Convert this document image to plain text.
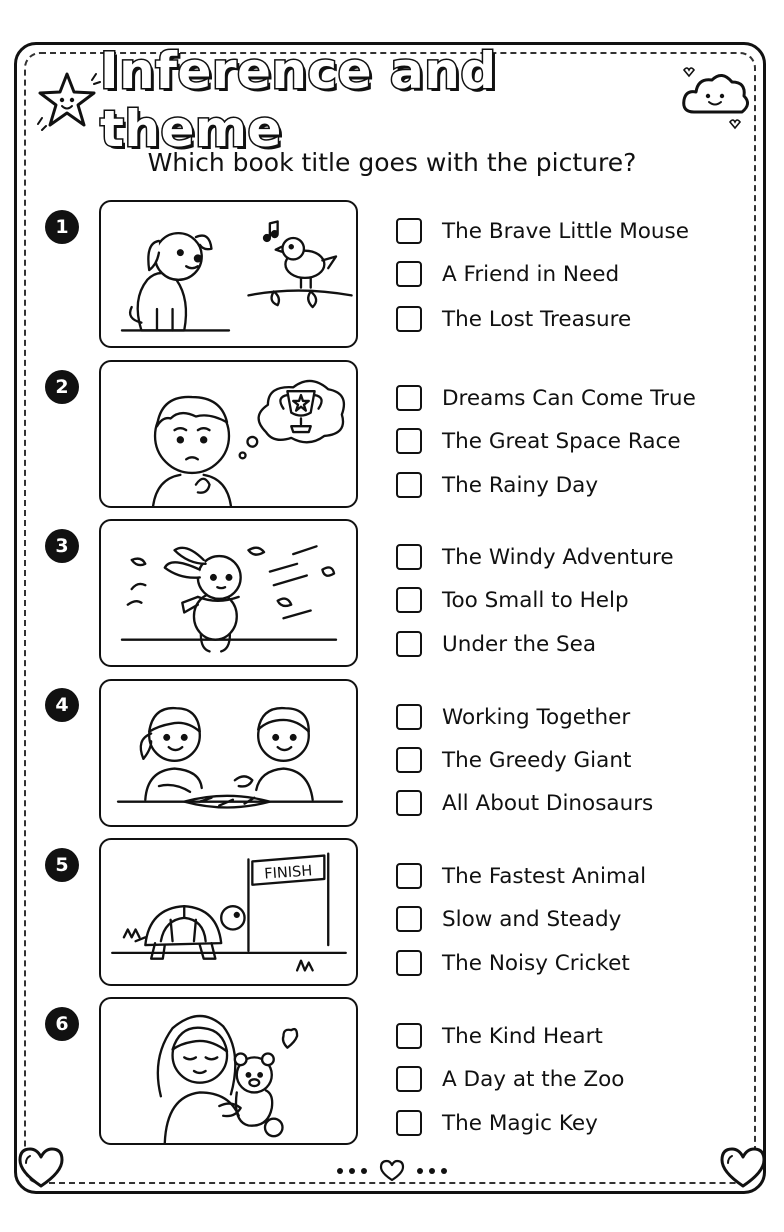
Inference and theme
Which book title goes with the picture?
1	The Brave Little Mouse
A Friend in Need
The Lost Treasure
2	Dreams Can Come True
The Great Space Race
The Rainy Day
3	The Windy Adventure
Too Small to Help
Under the Sea
4	Working Together
The Greedy Giant
All About Dinosaurs
5	FINISH	The Fastest Animal
Slow and Steady
The Noisy Cricket
6	The Kind Heart
A Day at the Zoo
The Magic Key
